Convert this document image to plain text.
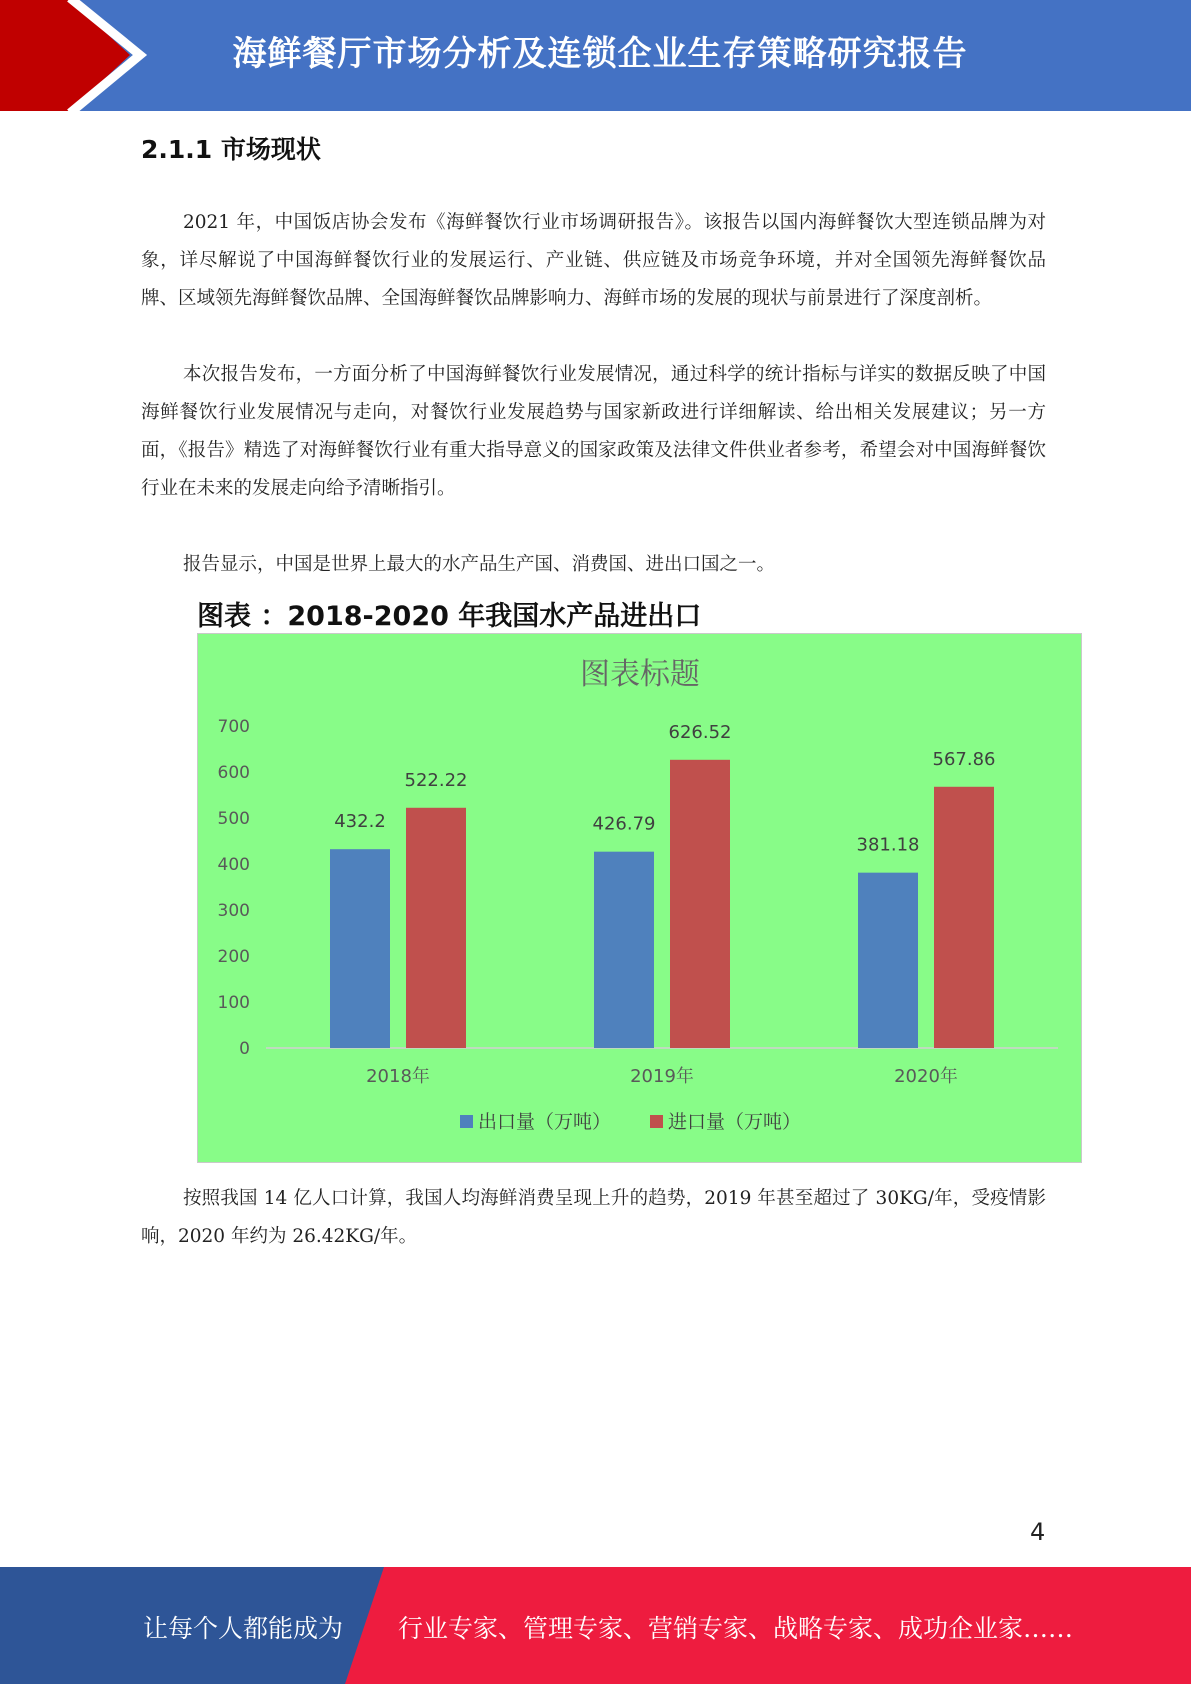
海鲜餐厅市场分析及连锁企业生存策略研究报告
2.1.1 市场现状

2021 年，中国饭店协会发布《海鲜餐饮行业市场调研报告》。该报告以国内海鲜餐饮大型连锁品牌为对象，详尽解说了中国海鲜餐饮行业的发展运行、产业链、供应链及市场竞争环境，并对全国领先海鲜餐饮品牌、区域领先海鲜餐饮品牌、全国海鲜餐饮品牌影响力、海鲜市场的发展的现状与前景进行了深度剖析。

本次报告发布，一方面分析了中国海鲜餐饮行业发展情况，通过科学的统计指标与详实的数据反映了中国海鲜餐饮行业发展情况与走向，对餐饮行业发展趋势与国家新政进行详细解读、给出相关发展建议；另一方面，《报告》精选了对海鲜餐饮行业有重大指导意义的国家政策及法律文件供业者参考，希望会对中国海鲜餐饮行业在未来的发展走向给予清晰指引。

报告显示，中国是世界上最大的水产品生产国、消费国、进出口国之一。

图表 ：2018-2020 年我国水产品进出口
图表标题
0
100
200
300
400
500
600
700
432.2
522.22
2018年
426.79
626.52
2019年
381.18
567.86
2020年
出口量（万吨）	进口量（万吨）

按照我国 14 亿人口计算，我国人均海鲜消费呈现上升的趋势，2019 年甚至超过了 30KG/年，受疫情影响，2020 年约为 26.42KG/年。

4
让每个人都能成为 行业专家、管理专家、营销专家、战略专家、成功企业家……
